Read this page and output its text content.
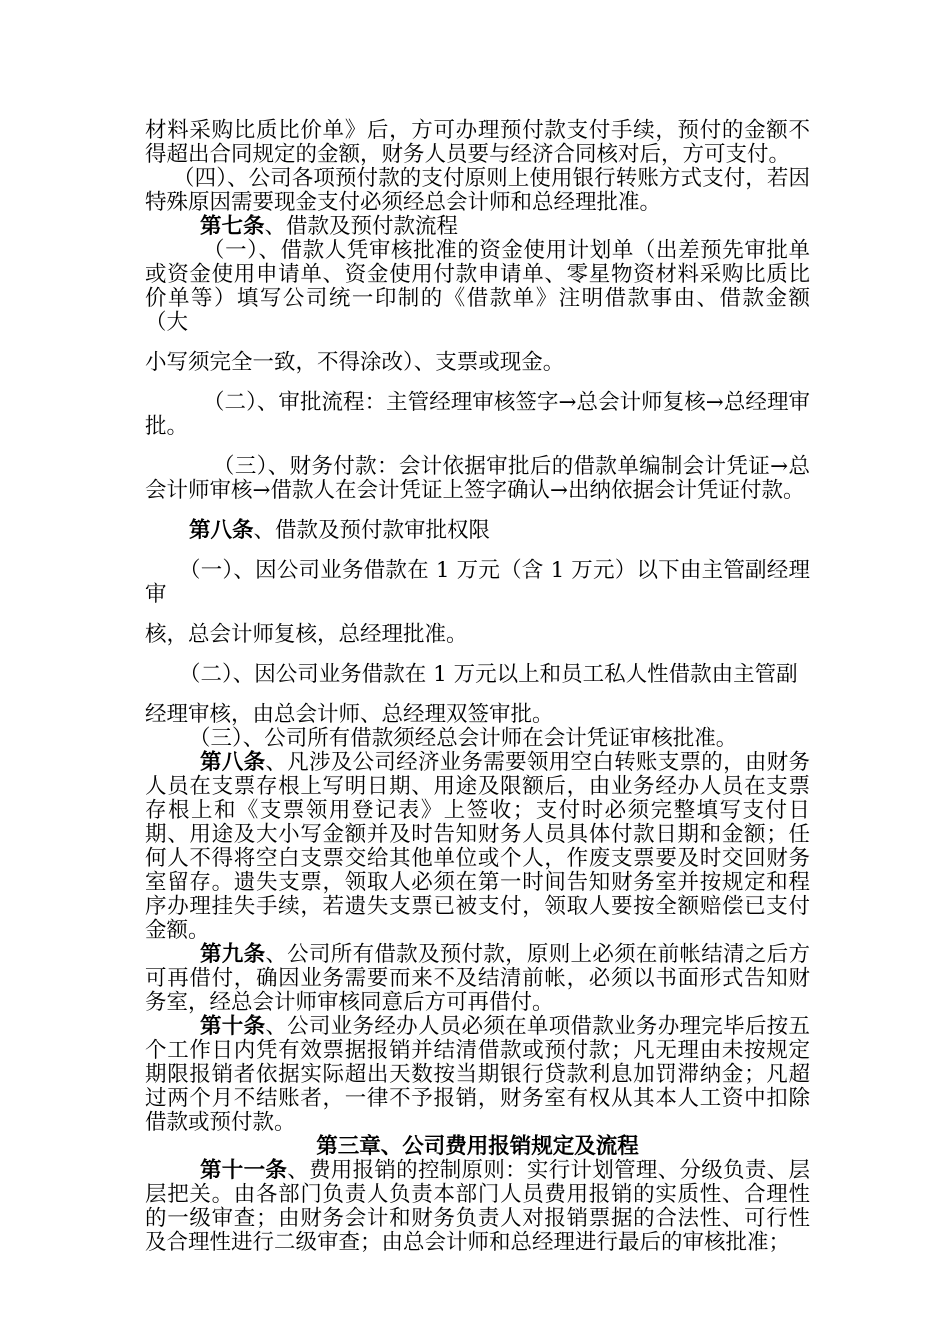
材料采购比质比价单》后，方可办理预付款支付手续，预付的金额不得超出合同规定的金额，财务人员要与经济合同核对后，方可支付。

（四）、公司各项预付款的支付原则上使用银行转账方式支付，若因特殊原因需要现金支付必须经总会计师和总经理批准。

第七条、借款及预付款流程

（一）、借款人凭审核批准的资金使用计划单（出差预先审批单或资金使用申请单、资金使用付款申请单、零星物资材料采购比质比价单等）填写公司统一印制的《借款单》注明借款事由、借款金额（大

小写须完全一致，不得涂改）、支票或现金。

（二）、审批流程：主管经理审核签字→总会计师复核→总经理审批。

（三）、财务付款：会计依据审批后的借款单编制会计凭证→总会计师审核→借款人在会计凭证上签字确认→出纳依据会计凭证付款。

第八条、借款及预付款审批权限

（一）、因公司业务借款在 1 万元（含 1 万元）以下由主管副经理审

核，总会计师复核，总经理批准。

（二）、因公司业务借款在 1 万元以上和员工私人性借款由主管副

经理审核，由总会计师、总经理双签审批。

（三）、公司所有借款须经总会计师在会计凭证审核批准。

第八条、凡涉及公司经济业务需要领用空白转账支票的，由财务人员在支票存根上写明日期、用途及限额后，由业务经办人员在支票存根上和《支票领用登记表》上签收；支付时必须完整填写支付日期、用途及大小写金额并及时告知财务人员具体付款日期和金额；任何人不得将空白支票交给其他单位或个人，作废支票要及时交回财务室留存。遗失支票，领取人必须在第一时间告知财务室并按规定和程序办理挂失手续，若遗失支票已被支付，领取人要按全额赔偿已支付金额。

第九条、公司所有借款及预付款，原则上必须在前帐结清之后方可再借付，确因业务需要而来不及结清前帐，必须以书面形式告知财务室，经总会计师审核同意后方可再借付。

第十条、公司业务经办人员必须在单项借款业务办理完毕后按五个工作日内凭有效票据报销并结清借款或预付款；凡无理由未按规定期限报销者依据实际超出天数按当期银行贷款利息加罚滞纳金；凡超过两个月不结账者，一律不予报销，财务室有权从其本人工资中扣除借款或预付款。

第三章、公司费用报销规定及流程

第十一条、费用报销的控制原则：实行计划管理、分级负责、层层把关。由各部门负责人负责本部门人员费用报销的实质性、合理性的一级审查；由财务会计和财务负责人对报销票据的合法性、可行性及合理性进行二级审查；由总会计师和总经理进行最后的审核批准；
